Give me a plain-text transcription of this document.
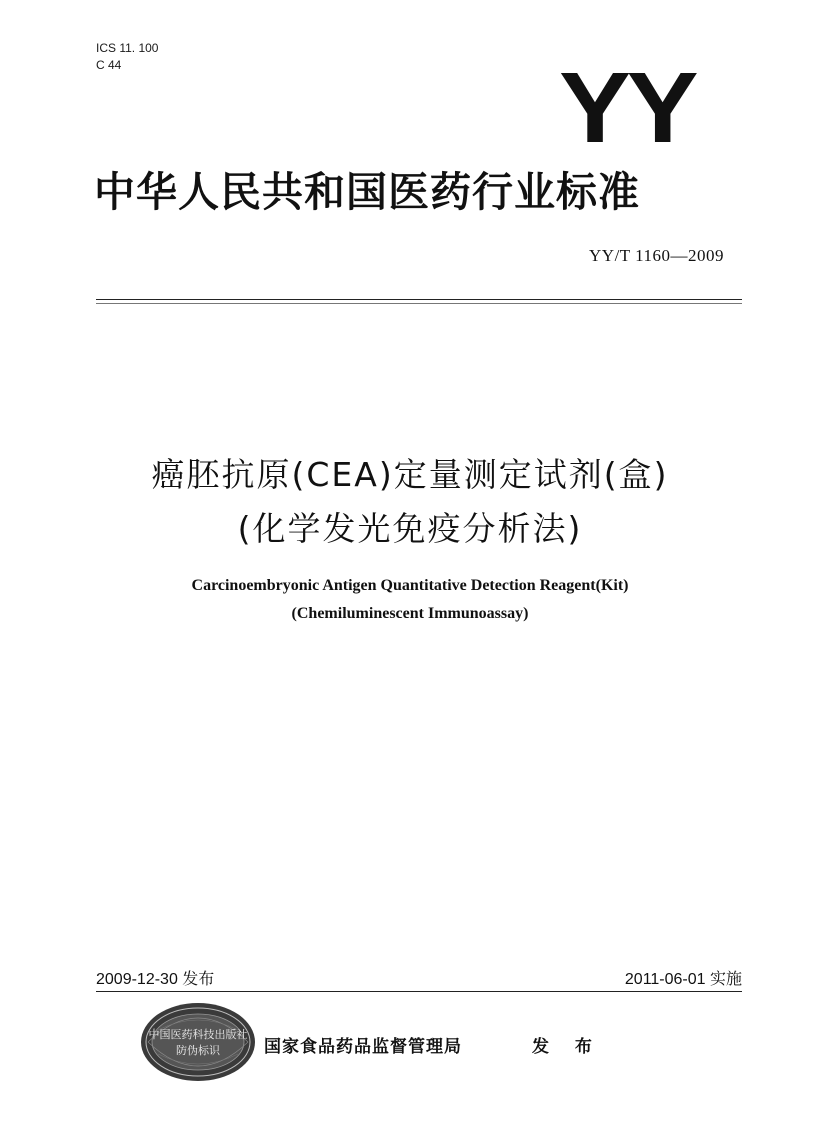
ICS 11. 100
C 44	YY
中华人民共和国医药行业标准
YY/T 1160—2009
癌胚抗原(CEA)定量测定试剂(盒)
(化学发光免疫分析法)
Carcinoembryonic Antigen Quantitative Detection Reagent(Kit)
(Chemiluminescent Immunoassay)
2009-12-30 发布	2011-06-01 实施
中国医药科技出版社
防伪标识	国家食品药品监督管理局	发 布
